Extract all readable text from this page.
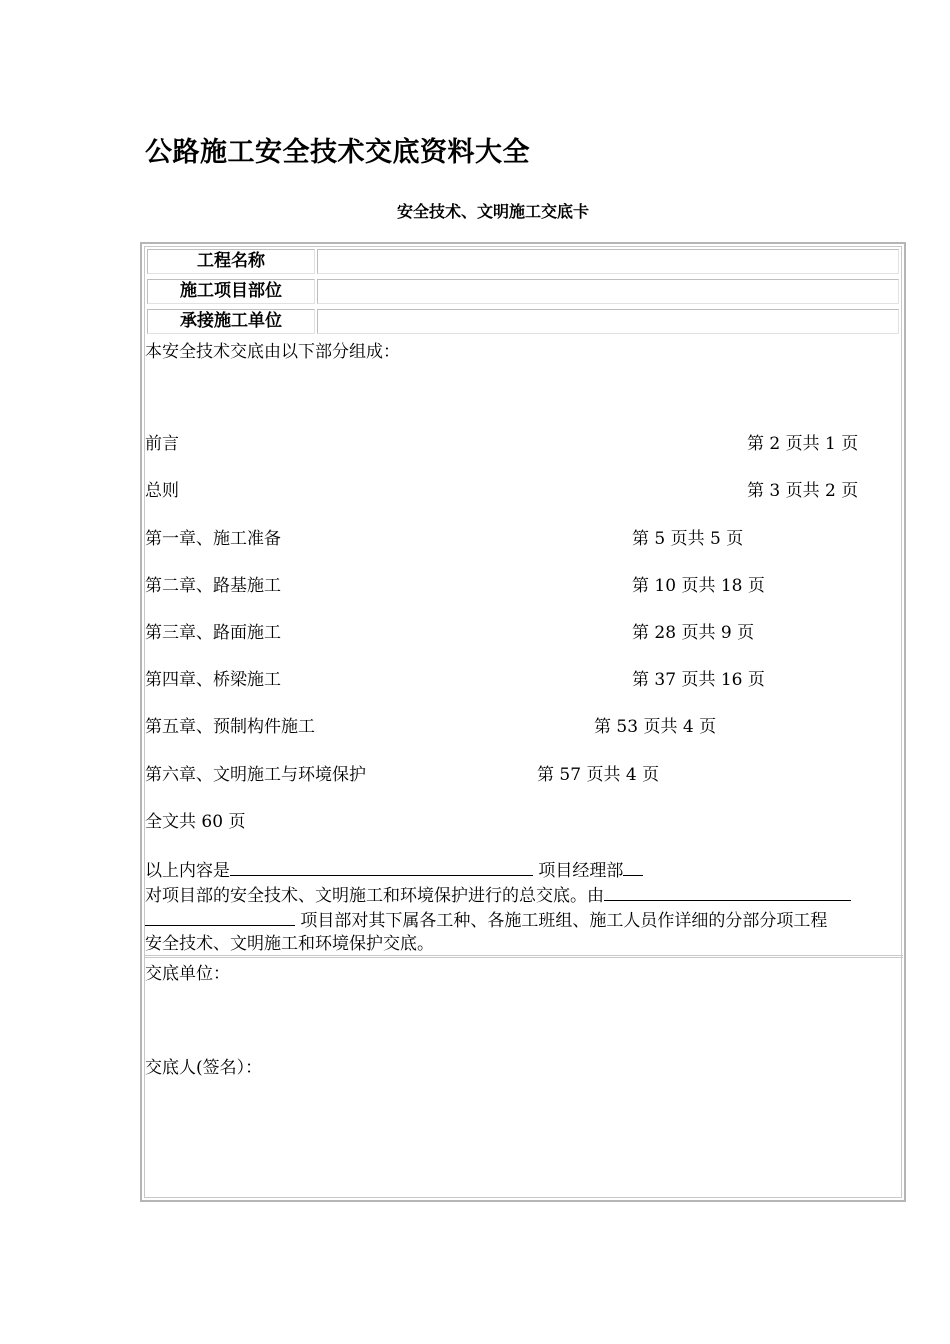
公路施工安全技术交底资料大全
安全技术、文明施工交底卡
工程名称
施工项目部位
承接施工单位
本安全技术交底由以下部分组成：
前言	第 2 页共 1 页
总则	第 3 页共 2 页
第一章、施工准备	第 5 页共 5 页
第二章、路基施工	第 10 页共 18 页
第三章、路面施工	第 28 页共 9 页
第四章、桥梁施工	第 37 页共 16 页
第五章、预制构件施工	第 53 页共 4 页
第六章、文明施工与环境保护	第 57 页共 4 页
全文共 60 页
以上内容是	项目经理部
对项目部的安全技术、文明施工和环境保护进行的总交底。由
项目部对其下属各工种、各施工班组、施工人员作详细的分部分项工程
安全技术、文明施工和环境保护交底。
交底单位：
交底人(签名）：
